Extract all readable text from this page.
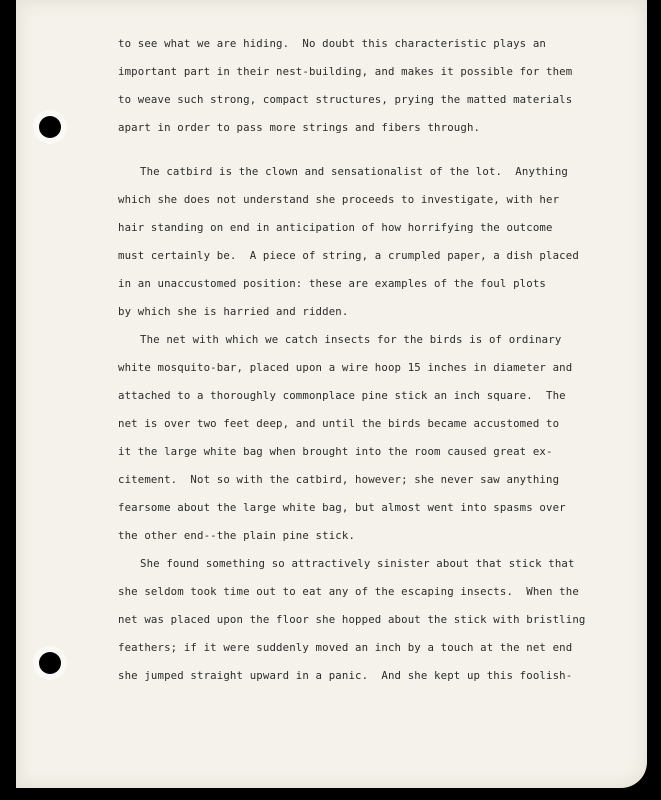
to see what we are hiding.  No doubt this characteristic plays an
important part in their nest-building, and makes it possible for them
to weave such strong, compact structures, prying the matted materials
apart in order to pass more strings and fibers through.
The catbird is the clown and sensationalist of the lot.  Anything
which she does not understand she proceeds to investigate, with her
hair standing on end in anticipation of how horrifying the outcome
must certainly be.  A piece of string, a crumpled paper, a dish placed
in an unaccustomed position: these are examples of the foul plots
by which she is harried and ridden.
The net with which we catch insects for the birds is of ordinary
white mosquito-bar, placed upon a wire hoop 15 inches in diameter and
attached to a thoroughly commonplace pine stick an inch square.  The
net is over two feet deep, and until the birds became accustomed to
it the large white bag when brought into the room caused great ex-
citement.  Not so with the catbird, however; she never saw anything
fearsome about the large white bag, but almost went into spasms over
the other end--the plain pine stick.
She found something so attractively sinister about that stick that
she seldom took time out to eat any of the escaping insects.  When the
net was placed upon the floor she hopped about the stick with bristling
feathers; if it were suddenly moved an inch by a touch at the net end
she jumped straight upward in a panic.  And she kept up this foolish-
